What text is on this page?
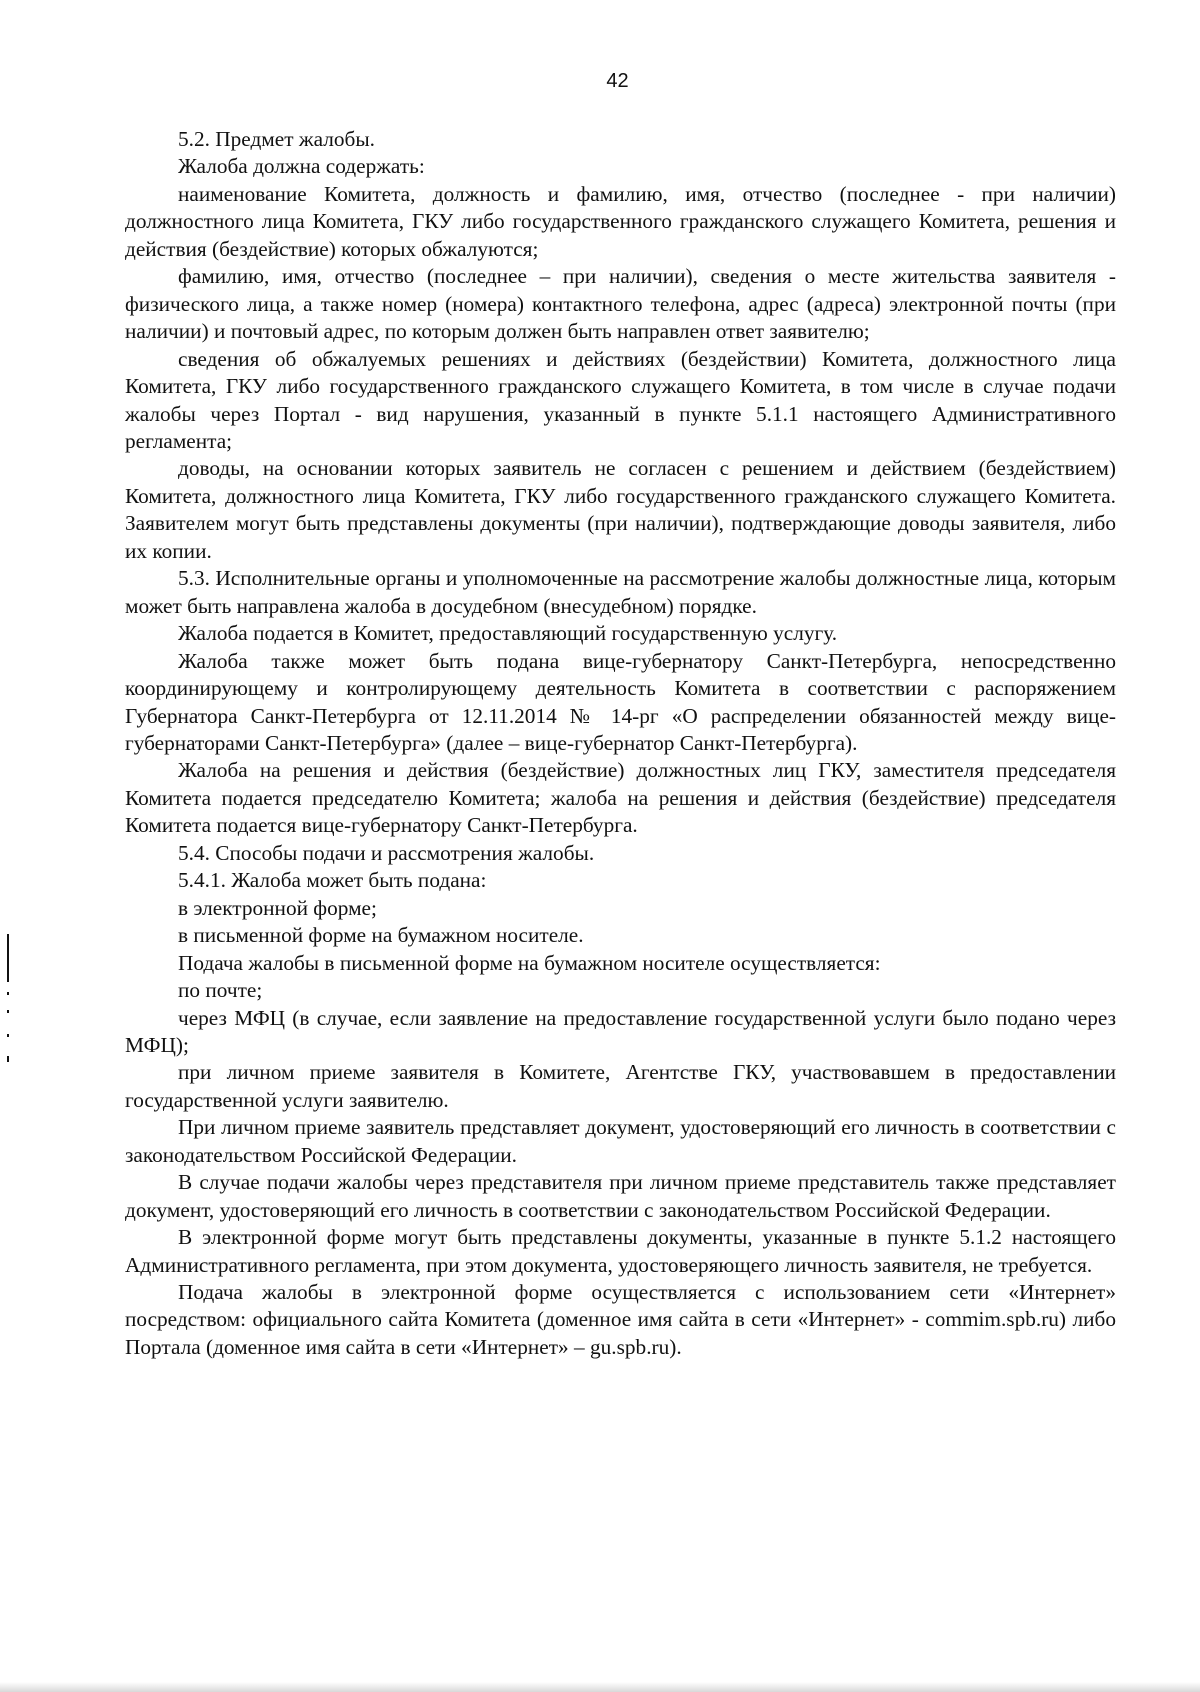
42

5.2. Предмет жалобы.

Жалоба должна содержать:

наименование Комитета, должность и фамилию, имя, отчество (последнее - при наличии) должностного лица Комитета, ГКУ либо государственного гражданского служащего Комитета, решения и действия (бездействие) которых обжалуются;

фамилию, имя, отчество (последнее – при наличии), сведения о месте жительства заявителя - физического лица, а также номер (номера) контактного телефона, адрес (адреса) электронной почты (при наличии) и почтовый адрес, по которым должен быть направлен ответ заявителю;

сведения об обжалуемых решениях и действиях (бездействии) Комитета, должностного лица Комитета, ГКУ либо государственного гражданского служащего Комитета, в том числе в случае подачи жалобы через Портал - вид нарушения, указанный в пункте 5.1.1 настоящего Административного регламента;

доводы, на основании которых заявитель не согласен с решением и действием (бездействием) Комитета, должностного лица Комитета, ГКУ либо государственного гражданского служащего Комитета. Заявителем могут быть представлены документы (при наличии), подтверждающие доводы заявителя, либо их копии.

5.3. Исполнительные органы и уполномоченные на рассмотрение жалобы должностные лица, которым может быть направлена жалоба в досудебном (внесудебном) порядке.

Жалоба подается в Комитет, предоставляющий государственную услугу.

Жалоба также может быть подана вице-губернатору Санкт-Петербурга, непосредственно координирующему и контролирующему деятельность Комитета в соответствии с распоряжением Губернатора Санкт-Петербурга от 12.11.2014 № 14-рг «О распределении обязанностей между вице-губернаторами Санкт-Петербурга» (далее – вице-губернатор Санкт-Петербурга).

Жалоба на решения и действия (бездействие) должностных лиц ГКУ, заместителя председателя Комитета подается председателю Комитета; жалоба на решения и действия (бездействие) председателя Комитета подается вице-губернатору Санкт-Петербурга.

5.4. Способы подачи и рассмотрения жалобы.

5.4.1. Жалоба может быть подана:

в электронной форме;

в письменной форме на бумажном носителе.

Подача жалобы в письменной форме на бумажном носителе осуществляется:

по почте;

через МФЦ (в случае, если заявление на предоставление государственной услуги было подано через МФЦ);

при личном приеме заявителя в Комитете, Агентстве ГКУ, участвовавшем в предоставлении государственной услуги заявителю.

При личном приеме заявитель представляет документ, удостоверяющий его личность в соответствии с законодательством Российской Федерации.

В случае подачи жалобы через представителя при личном приеме представитель также представляет документ, удостоверяющий его личность в соответствии с законодательством Российской Федерации.

В электронной форме могут быть представлены документы, указанные в пункте 5.1.2 настоящего Административного регламента, при этом документа, удостоверяющего личность заявителя, не требуется.

Подача жалобы в электронной форме осуществляется с использованием сети «Интернет» посредством: официального сайта Комитета (доменное имя сайта в сети «Интернет» - commim.spb.ru) либо Портала (доменное имя сайта в сети «Интернет» – gu.spb.ru).
